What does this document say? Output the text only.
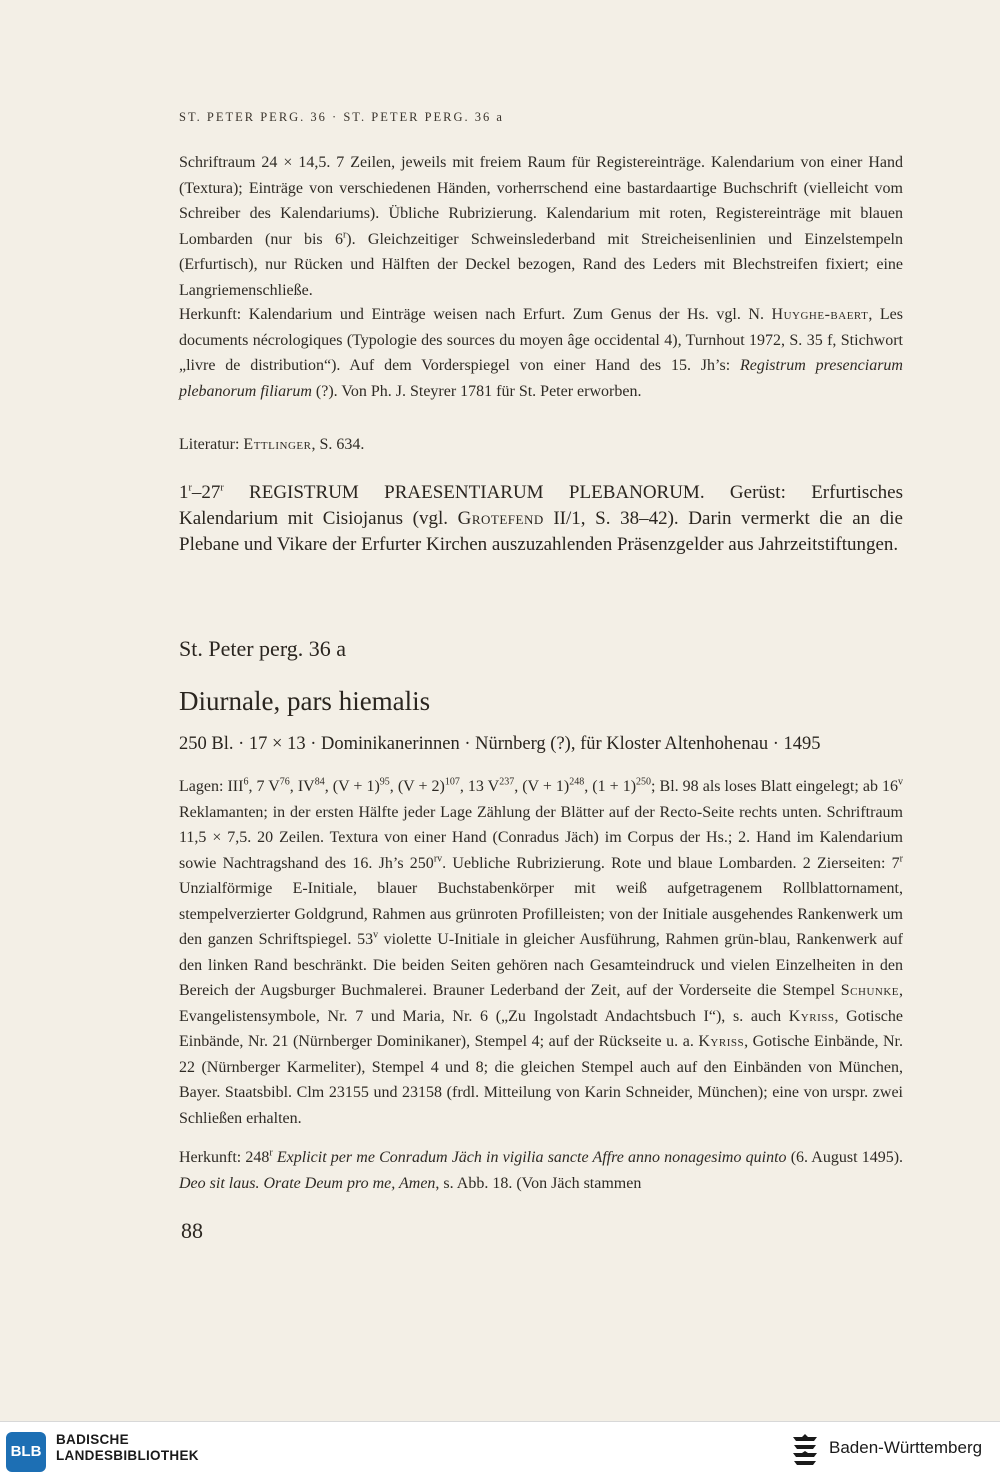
ST. PETER PERG. 36 · ST. PETER PERG. 36 a

Schriftraum 24 × 14,5. 7 Zeilen, jeweils mit freiem Raum für Registereinträge. Kalendarium von einer Hand (Textura); Einträge von verschiedenen Händen, vorherrschend eine bastardaartige Buchschrift (vielleicht vom Schreiber des Kalendariums). Übliche Rubrizierung. Kalendarium mit roten, Registereinträge mit blauen Lombarden (nur bis 6$^r$). Gleichzeitiger Schweinslederband mit Streicheisenlinien und Einzelstempeln (Erfurtisch), nur Rücken und Hälften der Deckel bezogen, Rand des Leders mit Blechstreifen fixiert; eine Langriemenschließe.

Herkunft: Kalendarium und Einträge weisen nach Erfurt. Zum Genus der Hs. vgl. N. Huyghe-baert, Les documents nécrologiques (Typologie des sources du moyen âge occidental 4), Turnhout 1972, S. 35 f, Stichwort „livre de distribution“). Auf dem Vorderspiegel von einer Hand des 15. Jh’s: Registrum presenciarum plebanorum filiarum (?). Von Ph. J. Steyrer 1781 für St. Peter erworben.

Literatur: Ettlinger, S. 634.

1$^r$–27$^r$ REGISTRUM PRAESENTIARUM PLEBANORUM. Gerüst: Erfurtisches Kalendarium mit Cisiojanus (vgl. Grotefend II/1, S. 38–42). Darin vermerkt die an die Plebane und Vikare der Erfurter Kirchen auszuzahlenden Präsenzgelder aus Jahrzeitstiftungen.

St. Peter perg. 36 a
Diurnale, pars hiemalis
250 Bl. · 17 × 13 · Dominikanerinnen · Nürnberg (?), für Kloster Altenhohenau · 1495

Lagen: III$^6$, 7 $V^{76}$, IV$^{84}$, $(V + 1)^{95}$, $(V + 2)^{107}$, 13 $V^{237}$, $(V + 1)^{248}$, $(1 + 1)^{250}$; Bl. 98 als loses Blatt eingelegt; ab 16$^v$ Reklamanten; in der ersten Hälfte jeder Lage Zählung der Blätter auf der Recto-Seite rechts unten. Schriftraum 11,5 × 7,5. 20 Zeilen. Textura von einer Hand (Conradus Jäch) im Corpus der Hs.; 2. Hand im Kalendarium sowie Nachtragshand des 16. Jh’s $250^{rv}$. Uebliche Rubrizierung. Rote und blaue Lombarden. 2 Zierseiten: 7$^r$ Unzialförmige E-Initiale, blauer Buchstabenkörper mit weiß aufgetragenem Rollblattornament, stempelverzierter Goldgrund, Rahmen aus grünroten Profilleisten; von der Initiale ausgehendes Rankenwerk um den ganzen Schriftspiegel. 53$^v$ violette U-Initiale in gleicher Ausführung, Rahmen grün-blau, Rankenwerk auf den linken Rand beschränkt. Die beiden Seiten gehören nach Gesamteindruck und vielen Einzelheiten in den Bereich der Augsburger Buchmalerei. Brauner Lederband der Zeit, auf der Vorderseite die Stempel Schunke, Evangelistensymbole, Nr. 7 und Maria, Nr. 6 („Zu Ingolstadt Andachtsbuch I“), s. auch Kyriss, Gotische Einbände, Nr. 21 (Nürnberger Dominikaner), Stempel 4; auf der Rückseite u. a. Kyriss, Gotische Einbände, Nr. 22 (Nürnberger Karmeliter), Stempel 4 und 8; die gleichen Stempel auch auf den Einbänden von München, Bayer. Staatsbibl. Clm 23155 und 23158 (frdl. Mitteilung von Karin Schneider, München); eine von urspr. zwei Schließen erhalten.

Herkunft: 248$^r$ Explicit per me Conradum Jäch in vigilia sancte Affre anno nonagesimo quinto (6. August 1495). Deo sit laus. Orate Deum pro me, Amen, s. Abb. 18. (Von Jäch stammen

88
BLB
BADISCHE
LANDESBIBLIOTHEK	Baden-Württemberg
